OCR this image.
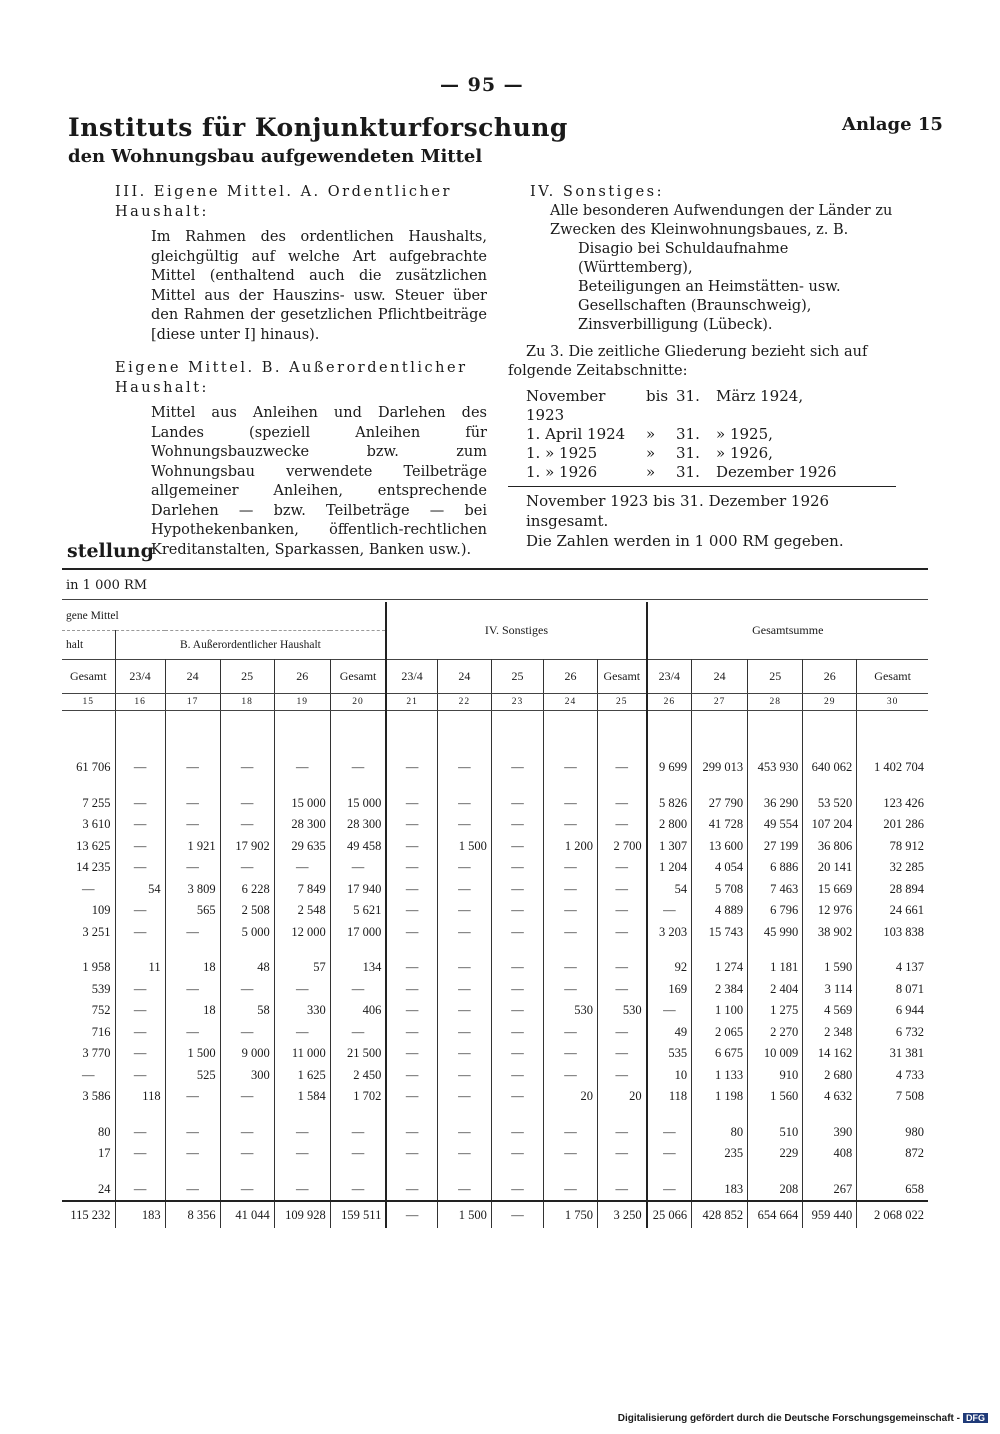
— 95 —
Instituts für Konjunkturforschung
den Wohnungsbau aufgewendeten Mittel
Anlage 15
III. Eigene Mittel. A. Ordentlicher Haushalt:
Im Rahmen des ordentlichen Haushalts, gleichgültig auf welche Art aufgebrachte Mittel (enthaltend auch die zusätzlichen Mittel aus der Hauszins- usw. Steuer über den Rahmen der gesetzlichen Pflichtbeiträge [diese unter I] hinaus).
Eigene Mittel. B. Außerordentlicher Haushalt:
Mittel aus Anleihen und Darlehen des Landes (speziell Anleihen für Wohnungsbauzwecke bzw. zum Wohnungsbau verwendete Teilbeträge allgemeiner Anleihen, entsprechende Darlehen — bzw. Teilbeträge — bei Hypothekenbanken, öffentlich-rechtlichen Kreditanstalten, Sparkassen, Banken usw.).
IV. Sonstiges:
Alle besonderen Aufwendungen der Länder zu Zwecken des Kleinwohnungsbaues, z. B.
Disagio bei Schuldaufnahme (Württemberg),
Beteiligungen an Heimstätten- usw. Gesellschaften (Braunschweig),
Zinsverbilligung (Lübeck).
Zu 3. Die zeitliche Gliederung bezieht sich auf folgende Zeitabschnitte:
November 1923
bis 31.	März 1924,
1. April 1924	»	31.	» 1925,
1. » 1925	»	31.	» 1926,
1. » 1926	»	31.	Dezember 1926
November 1923 bis 31. Dezember 1926 insgesamt.
Die Zahlen werden in 1 000 RM gegeben.
stellung
in 1 000 RM
gene Mittel						IV. Sonstiges					Gesamtsumme				
halt	B. Außerordentlicher Haushalt														
Gesamt	23/4	24	25	26	Gesamt	23/4	24	25	26	Gesamt	23/4	24	25	26	Gesamt
15	16	17	18	19	20	21	22	23	24	25	26	27	28	29	30

61 706	—	—	—	—	—	—	—	—	—	—	9 699	299 013	453 930	640 062	1 402 704

7 255	—	—	—	15 000	15 000	—	—	—	—	—	5 826	27 790	36 290	53 520	123 426
3 610	—	—	—	28 300	28 300	—	—	—	—	—	2 800	41 728	49 554	107 204	201 286
13 625	—	1 921	17 902	29 635	49 458	—	1 500	—	1 200	2 700	1 307	13 600	27 199	36 806	78 912
14 235	—	—	—	—	—	—	—	—	—	—	1 204	4 054	6 886	20 141	32 285
—	54	3 809	6 228	7 849	17 940	—	—	—	—	—	54	5 708	7 463	15 669	28 894
109	—	565	2 508	2 548	5 621	—	—	—	—	—	—	4 889	6 796	12 976	24 661
3 251	—	—	5 000	12 000	17 000	—	—	—	—	—	3 203	15 743	45 990	38 902	103 838

1 958	11	18	48	57	134	—	—	—	—	—	92	1 274	1 181	1 590	4 137
539	—	—	—	—	—	—	—	—	—	—	169	2 384	2 404	3 114	8 071
752	—	18	58	330	406	—	—	—	530	530	—	1 100	1 275	4 569	6 944
716	—	—	—	—	—	—	—	—	—	—	49	2 065	2 270	2 348	6 732
3 770	—	1 500	9 000	11 000	21 500	—	—	—	—	—	535	6 675	10 009	14 162	31 381
—	—	525	300	1 625	2 450	—	—	—	—	—	10	1 133	910	2 680	4 733
3 586	118	—	—	1 584	1 702	—	—	—	20	20	118	1 198	1 560	4 632	7 508

80	—	—	—	—	—	—	—	—	—	—	—	80	510	390	980
17	—	—	—	—	—	—	—	—	—	—	—	235	229	408	872

24	—	—	—	—	—	—	—	—	—	—	—	183	208	267	658
115 232	183	8 356	41 044	109 928	159 511	—	1 500	—	1 750	3 250	25 066	428 852	654 664	959 440	2 068 022
Digitalisierung gefördert durch die Deutsche Forschungsgemeinschaft - DFG
